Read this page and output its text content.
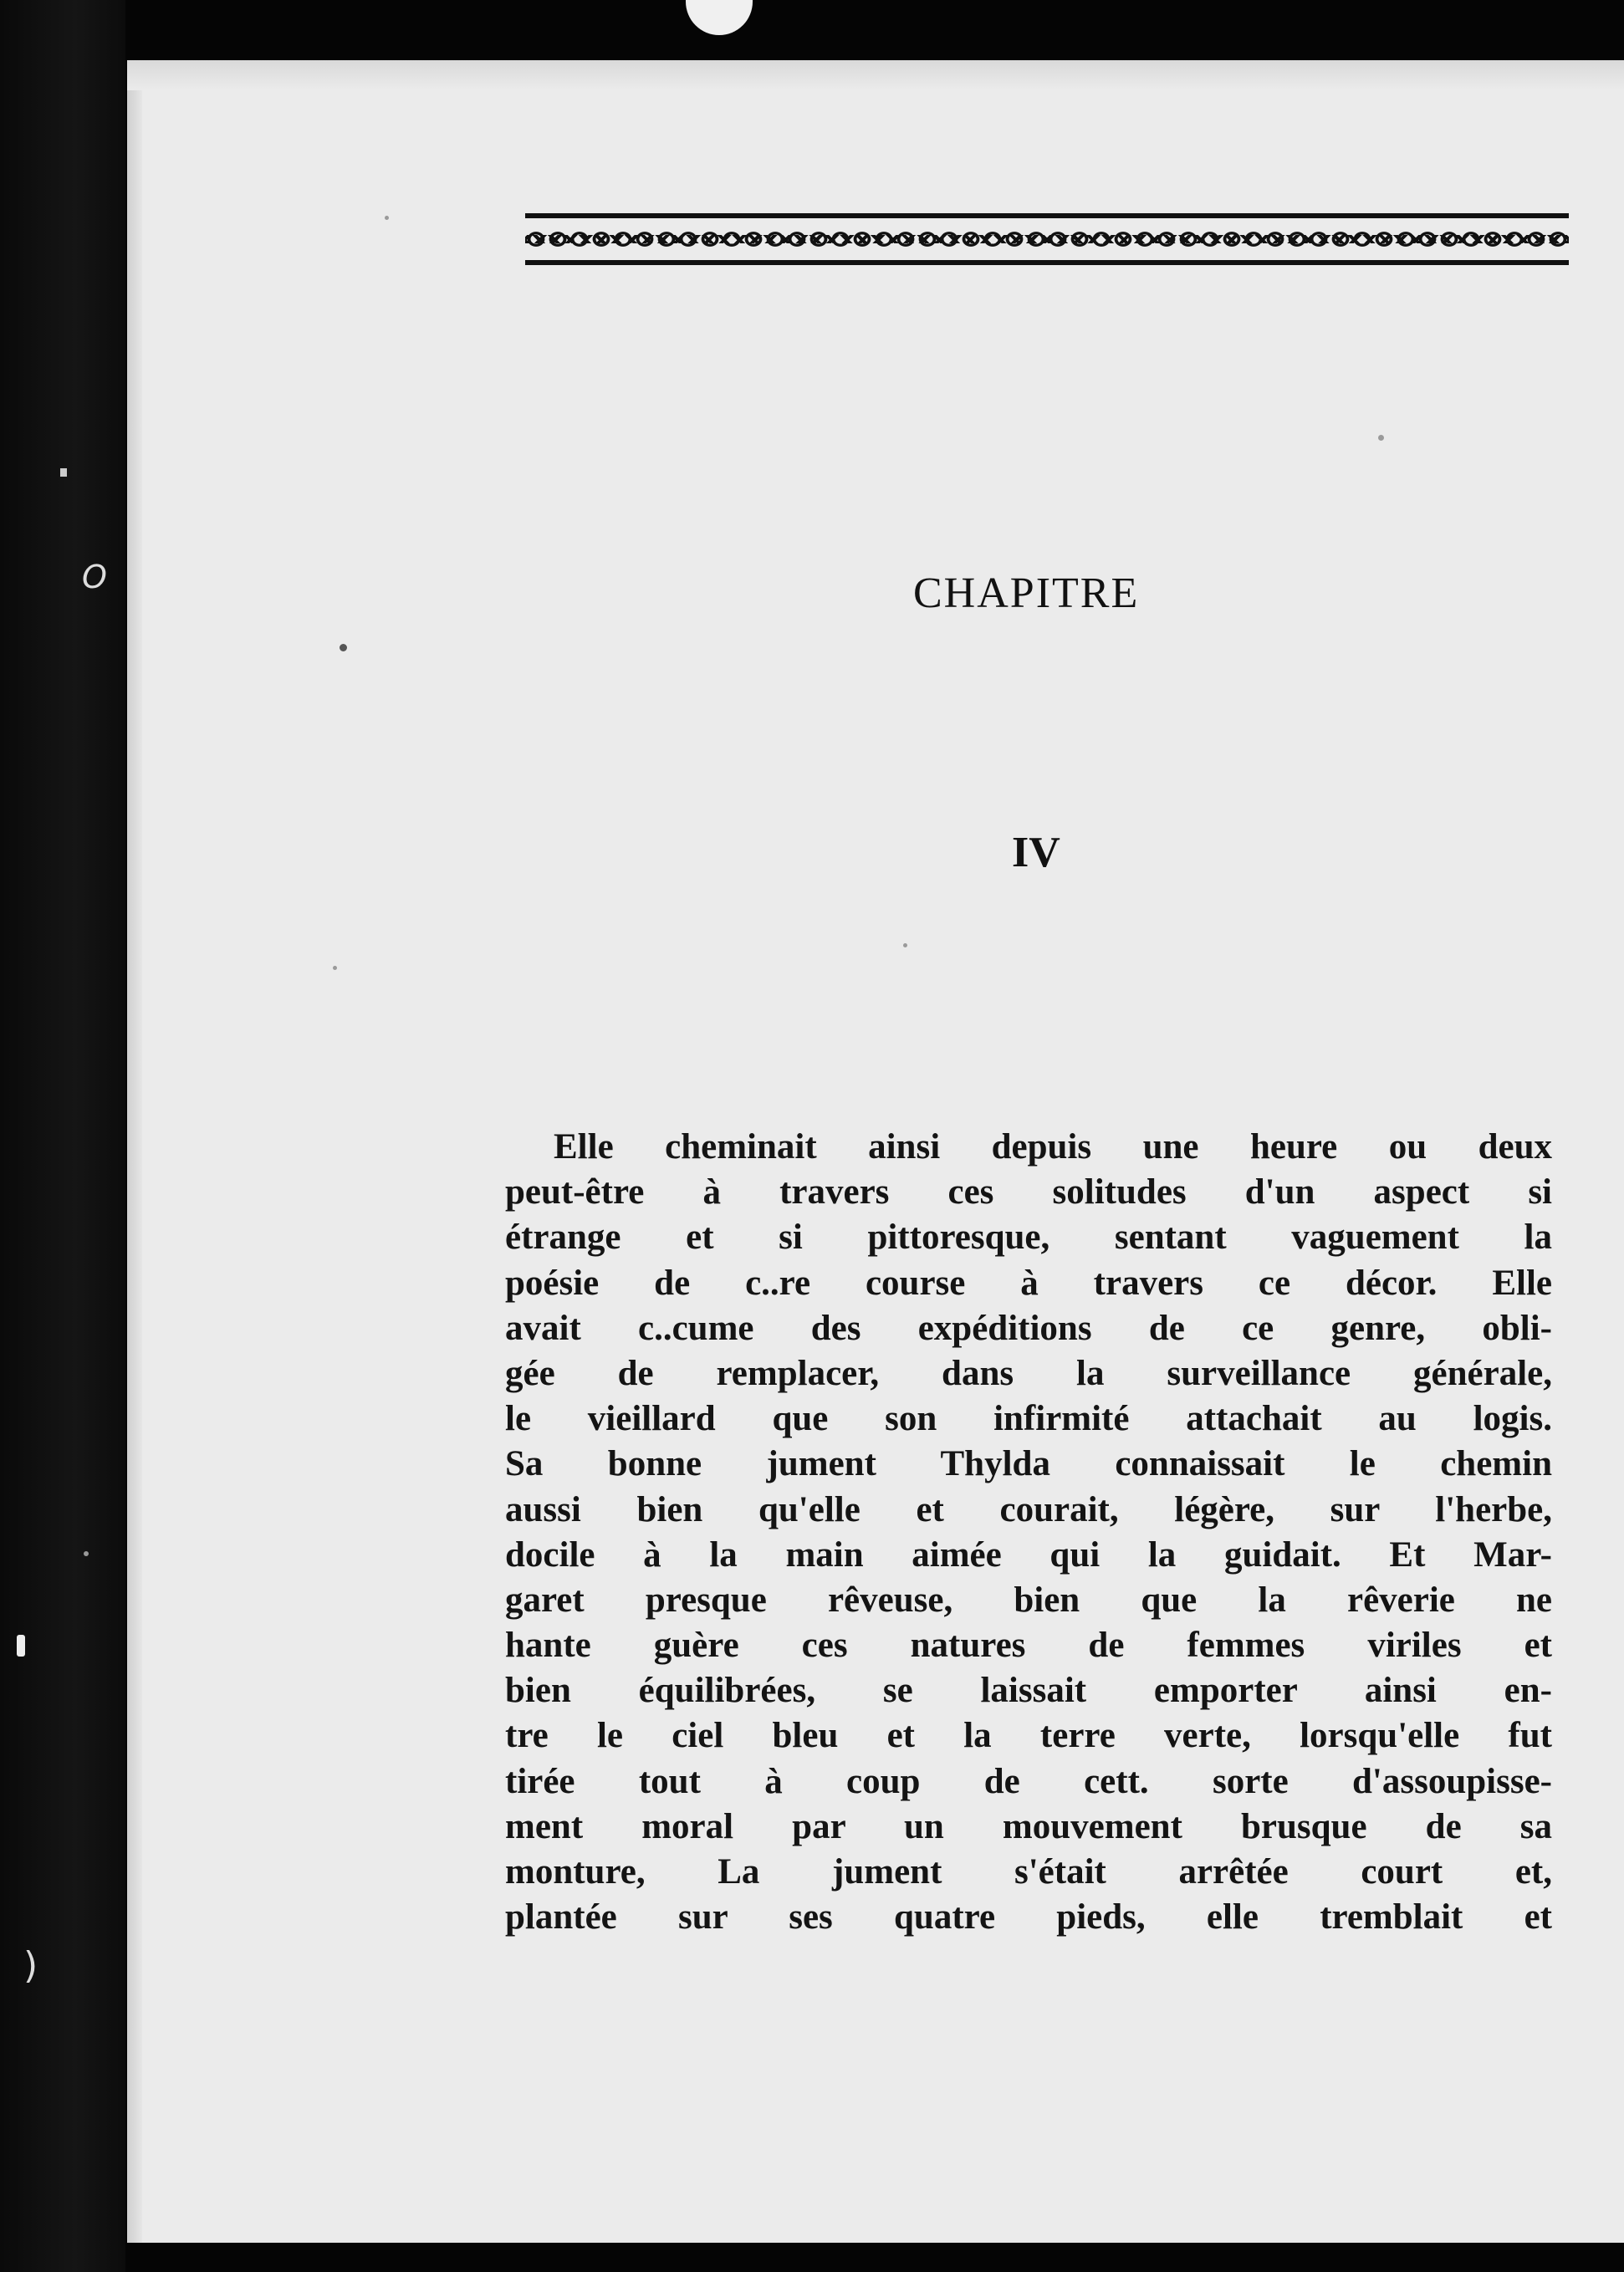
O
)
CHAPITRE
IV
Elle cheminait ainsi depuis une heure ou deux
peut-être à travers ces solitudes d'un aspect si
étrange et si pittoresque, sentant vaguement la
poésie de c..re course à travers ce décor. Elle
avait c..cume des expéditions de ce genre, obli-
gée de remplacer, dans la surveillance générale,
le vieillard que son infirmité attachait au logis.
Sa bonne jument Thylda connaissait le chemin
aussi bien qu'elle et courait, légère, sur l'herbe,
docile à la main aimée qui la guidait. Et Mar-
garet presque rêveuse, bien que la rêverie ne
hante guère ces natures de femmes viriles et
bien équilibrées, se laissait emporter ainsi en-
tre le ciel bleu et la terre verte, lorsqu'elle fut
tirée tout à coup de cett. sorte d'assoupisse-
ment moral par un mouvement brusque de sa
monture, La jument s'était arrêtée court et,
plantée sur ses quatre pieds, elle tremblait et
